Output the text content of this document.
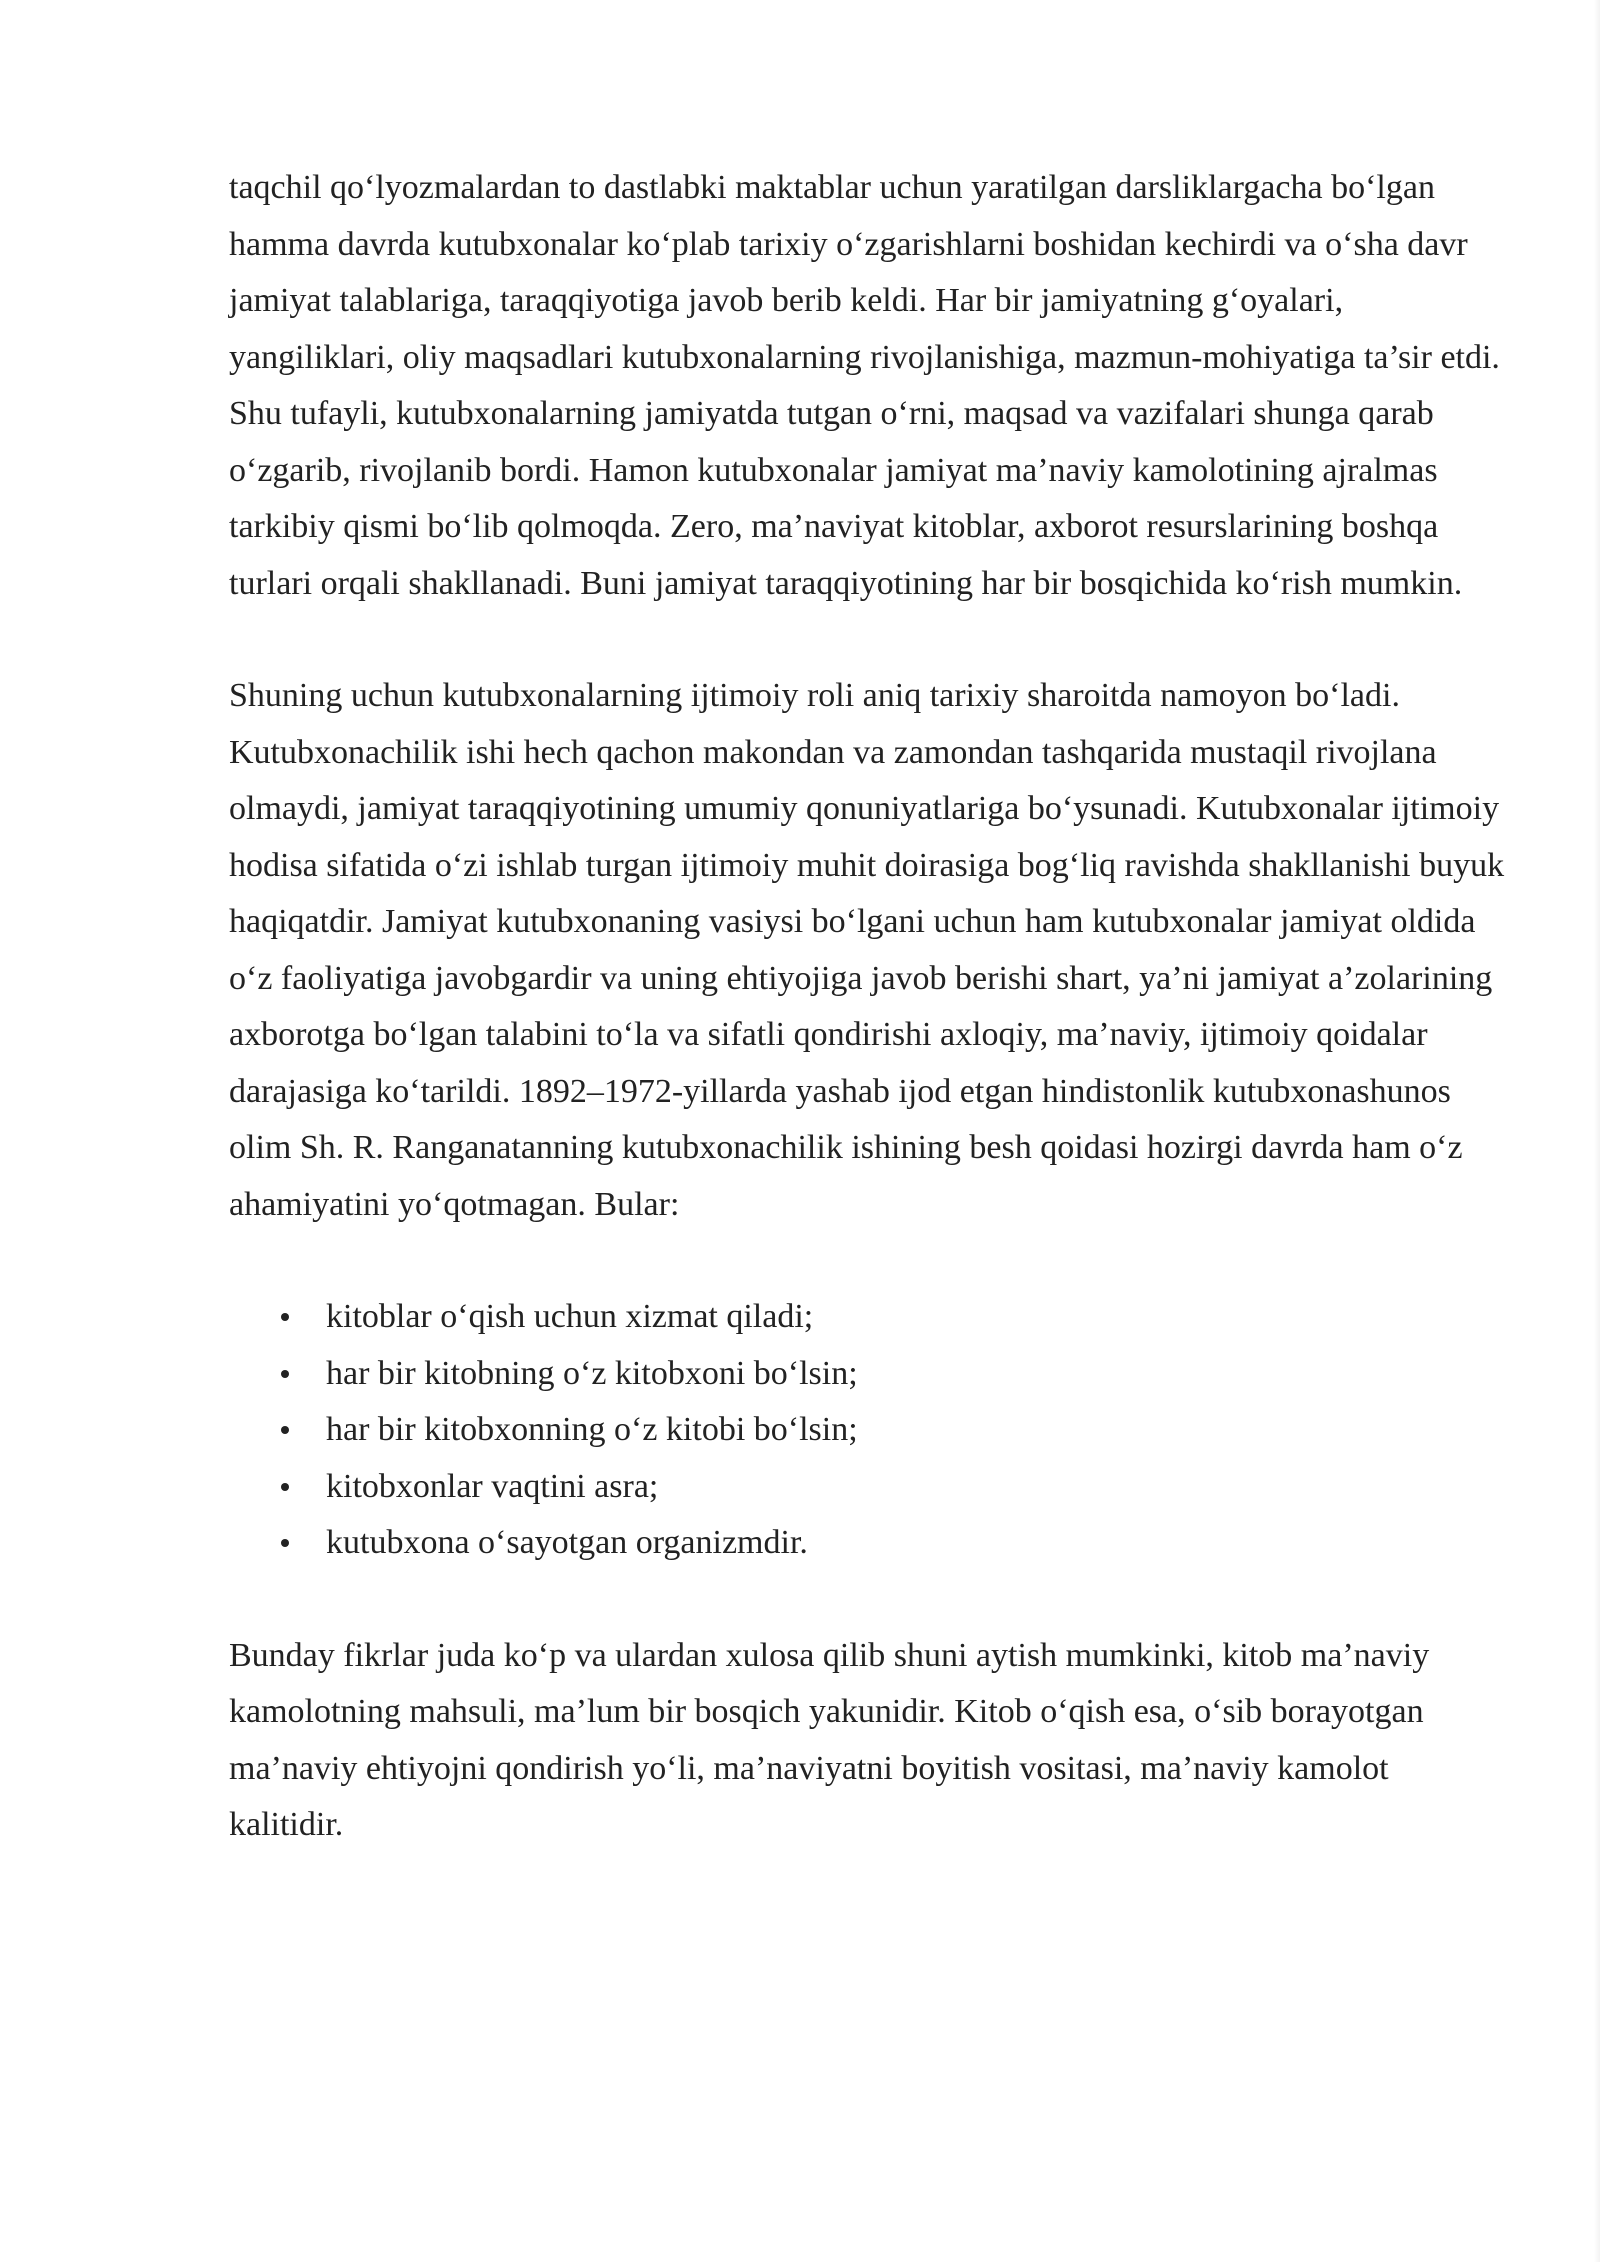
taqchil qo‘lyozmalardan to dastlabki maktablar uchun yaratilgan darsliklargacha bo‘lgan hamma davrda kutubxonalar ko‘plab tarixiy o‘zgarishlarni boshidan kechirdi va o‘sha davr jamiyat talablariga, taraqqiyotiga javob berib keldi. Har bir jamiyatning g‘oyalari, yangiliklari, oliy maqsadlari kutubxonalarning rivojlanishiga, mazmun-mohiyatiga ta’sir etdi. Shu tufayli, kutubxonalarning jamiyatda tutgan o‘rni, maqsad va vazifalari shunga qarab o‘zgarib, rivojlanib bordi. Hamon kutubxonalar jamiyat ma’naviy kamolotining ajralmas tarkibiy qismi bo‘lib qolmoqda. Zero, ma’naviyat kitoblar, axborot resurslarining boshqa turlari orqali shakllanadi. Buni jamiyat taraqqiyotining har bir bosqichida ko‘rish mumkin.

Shuning uchun kutubxonalarning ijtimoiy roli aniq tarixiy sharoitda namoyon bo‘ladi. Kutubxonachilik ishi hech qachon makondan va zamondan tashqarida mustaqil rivojlana olmaydi, jamiyat taraqqiyotining umumiy qonuniyatlariga bo‘ysunadi. Kutubxonalar ijtimoiy hodisa sifatida o‘zi ishlab turgan ijtimoiy muhit doirasiga bog‘liq ravishda shakllanishi buyuk haqiqatdir. Jamiyat kutubxonaning vasiysi bo‘lgani uchun ham kutubxonalar jamiyat oldida o‘z faoliyatiga javobgardir va uning ehtiyojiga javob berishi shart, ya’ni jamiyat a’zolarining axborotga bo‘lgan talabini to‘la va sifatli qondirishi axloqiy, ma’naviy, ijtimoiy qoidalar darajasiga ko‘tarildi. 1892–1972-yillarda yashab ijod etgan hindistonlik kutubxonashunos olim Sh. R. Ranganatanning kutubxonachilik ishining besh qoidasi hozirgi davrda ham o‘z ahamiyatini yo‘qotmagan. Bular:

kitoblar o‘qish uchun xizmat qiladi;
har bir kitobning o‘z kitobxoni bo‘lsin;
har bir kitobxonning o‘z kitobi bo‘lsin;
kitobxonlar vaqtini asra;
kutubxona o‘sayotgan organizmdir.

Bunday fikrlar juda ko‘p va ulardan xulosa qilib shuni aytish mumkinki, kitob ma’naviy kamolotning mahsuli, ma’lum bir bosqich yakunidir. Kitob o‘qish esa, o‘sib borayotgan ma’naviy ehtiyojni qondirish yo‘li, ma’naviyatni boyitish vositasi, ma’naviy kamolot kalitidir.
